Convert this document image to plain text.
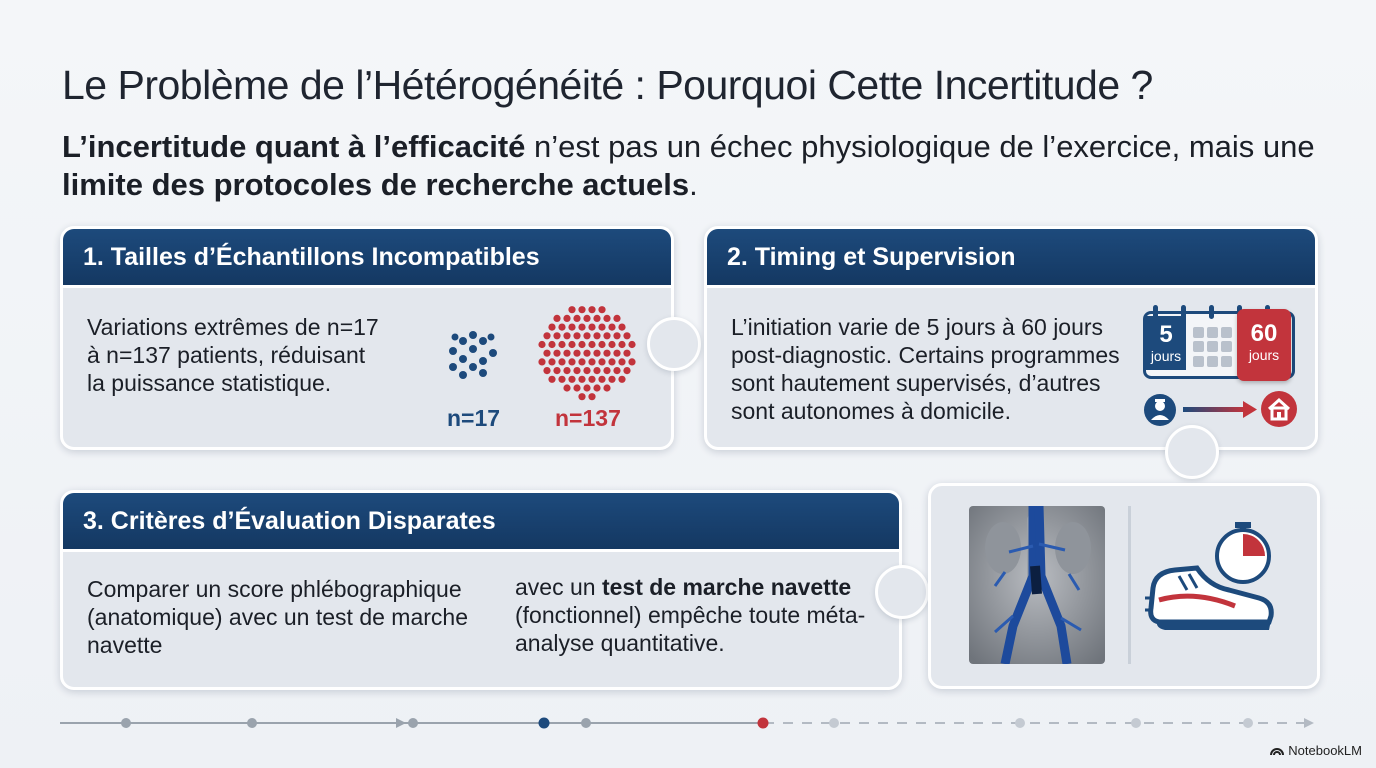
Le Problème de l’Hétérogénéité : Pourquoi Cette Incertitude ?
L’incertitude quant à l’efficacité n’est pas un échec physiologique de l’exercice, mais une limite des protocoles de recherche actuels.
1. Tailles d’Échantillons Incompatibles
Variations extrêmes de n=17 à n=137 patients, réduisant la puissance statistique.
n=17 n=137
2. Timing et Supervision
L’initiation varie de 5 jours à 60 jours post-diagnostic. Certains programmes sont hautement supervisés, d’autres sont autonomes à domicile.
5
jours
60
jours
3. Critères d’Évaluation Disparates
Comparer un score phlébographique (anatomique) avec un test de marche navette
avec un test de marche navette (fonctionnel) empêche toute méta-analyse quantitative.
NotebookLM
